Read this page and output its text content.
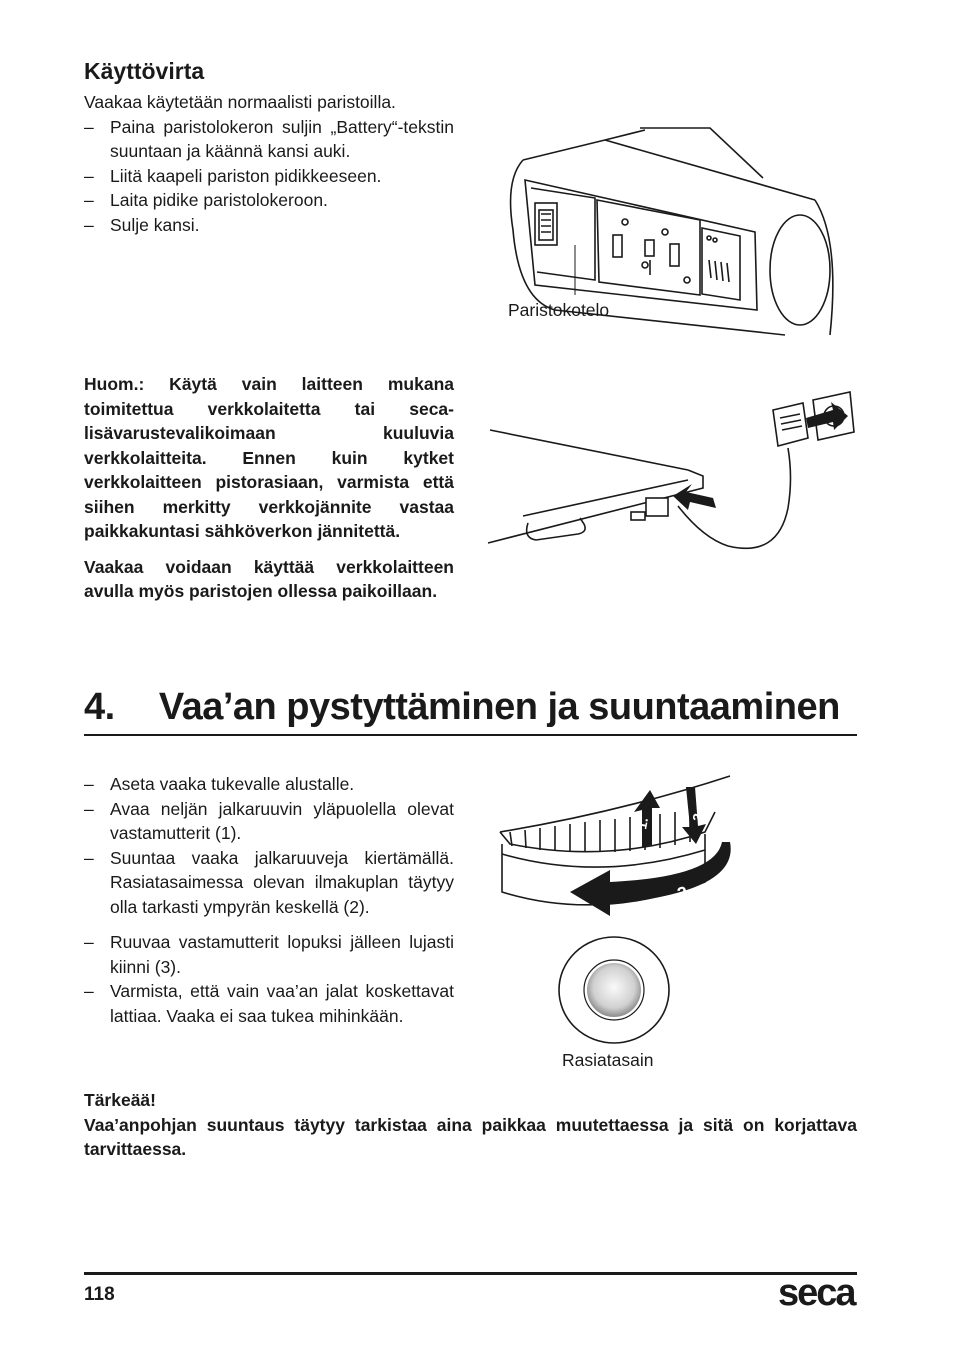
Käyttövirta

Vaakaa käytetään normaalisti paristoilla.

– Paina paristolokeron suljin „Battery“-tekstin suuntaan ja käännä kansi auki.
– Liitä kaapeli pariston pidikkeeseen.
– Laita pidike paristolokeroon.
– Sulje kansi.
Paristokotelo

Huom.: Käytä vain laitteen mukana toimitettua verkkolaitetta tai seca-lisävarustevalikoimaan kuuluvia verkkolaitteita. Ennen kuin kytket verkkolaitteen pistorasiaan, varmista että siihen merkitty verkkojännite vastaa paikkakuntasi sähköverkon jännitettä.

Vaakaa voidaan käyttää verkkolaitteen avulla myös paristojen ollessa paikoillaan.

4. Vaa’an pystyttäminen ja suuntaaminen
– Aseta vaaka tukevalle alustalle.
– Avaa neljän jalkaruuvin yläpuolella olevat vastamutterit (1).
– Suuntaa vaaka jalkaruuveja kiertämällä. Rasiatasaimessa olevan ilmakuplan täytyy olla tarkasti ympyrän keskellä (2).
– Ruuvaa vastamutterit lopuksi jälleen lujasti kiinni (3).
– Varmista, että vain vaa’an jalat koskettavat lattiaa. Vaaka ei saa tukea mihinkään.
1.
3.
2.
Rasiatasain

Tärkeää!

Vaa’anpohjan suuntaus täytyy tarkistaa aina paikkaa muutettaessa ja sitä on korjattava tarvittaessa.

118	seca
